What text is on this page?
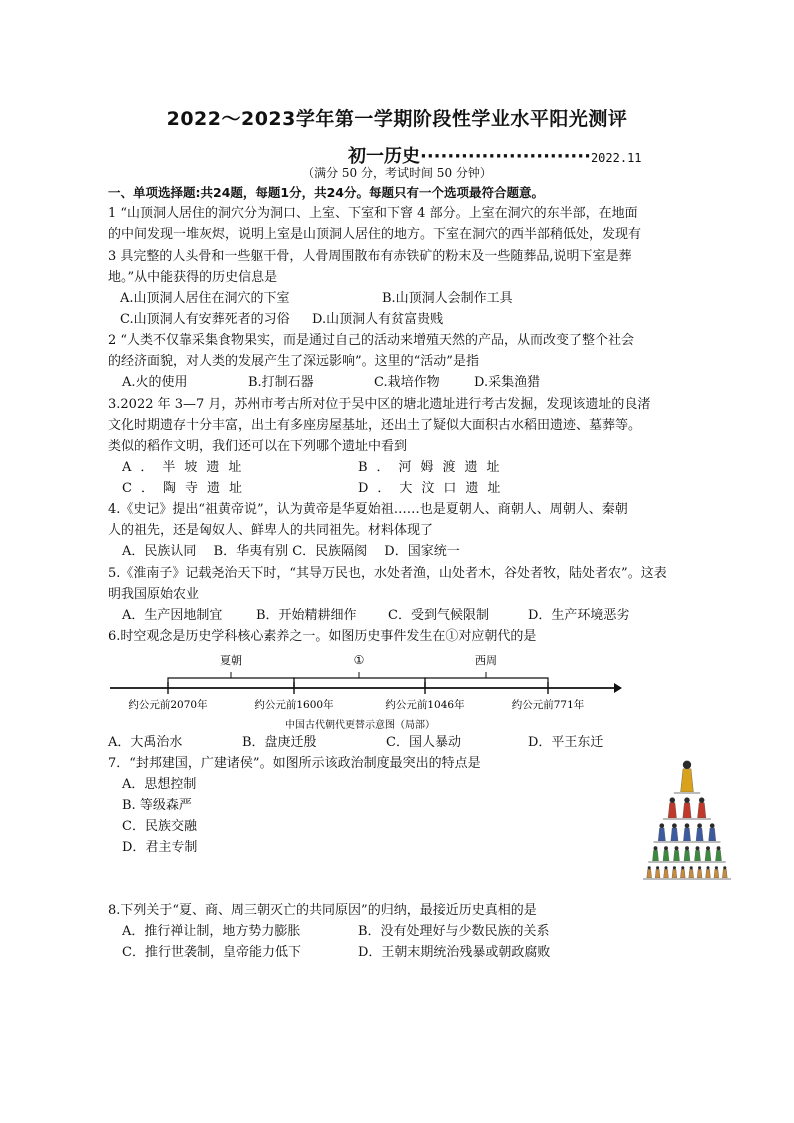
2022～2023学年第一学期阶段性学业水平阳光测评
初一历史·························2022.11
（满分 50 分，考试时间 50 分钟）
一、单项选择题:共24题，每题1分，共24分。每题只有一个选项最符合题意。
1 “山顶洞人居住的洞穴分为洞口、上室、下室和下窨 4 部分。上室在洞穴的东半部，在地面
的中间发现一堆灰烬，说明上室是山顶洞人居住的地方。下室在洞穴的西半部稍低处，发现有
3 具完整的人头骨和一些躯干骨，人骨周围散布有赤铁矿的粉末及一些随葬品,说明下室是葬
地。”从中能获得的历史信息是
A.山顶洞人居住在洞穴的下室	B.山顶洞人会制作工具
C.山顶洞人有安葬死者的习俗 D.山顶洞人有贫富贵贱
2 “人类不仅靠采集食物果实，而是通过自己的活动来增殖天然的产品，从而改变了整个社会
的经济面貌，对人类的发展产生了深远影响”。这里的“活动”是指
A.火的使用	B.打制石器	C.栽培作物	D.采集渔猎
3.2022 年 3—7 月，苏州市考古所对位于吴中区的塘北遗址进行考古发掘，发现该遗址的良渚
文化时期遗存十分丰富，出土有多座房屋基址，还出土了疑似大面积古水稻田遗迹、墓葬等。
类似的稻作文明，我们还可以在下列哪个遗址中看到
A．半坡遗址	B．河姆渡遗址
C．陶寺遗址	D．大汶口遗址
4.《史记》提出“祖黄帝说”，认为黄帝是华夏始祖……也是夏朝人、商朝人、周朝人、秦朝
人的祖先，还是匈奴人、鲜卑人的共同祖先。材料体现了
A．民族认同　 B．华夷有别 C．民族隔阂　 D．国家统一
5.《淮南子》记载尧治天下时，“其导万民也，水处者渔，山处者木，谷处者牧，陆处者农”。这表
明我国原始农业
A．生产因地制宜	B．开始精耕细作 C．受到气候限制	D．生产环境恶劣
6.时空观念是历史学科核心素养之一。如图历史事件发生在①对应朝代的是
夏朝	①	西周
约公元前2070年	约公元前1600年	约公元前1046年	约公元前771年
中国古代朝代更替示意图（局部）
A．大禹治水	B．盘庚迁殷	C．国人暴动	D．平王东迁
7．“封邦建国，广建诸侯”。如图所示该政治制度最突出的特点是
A．思想控制
B. 等级森严
C．民族交融
D．君主专制
8.下列关于“夏、商、周三朝灭亡的共同原因”的归纳，最接近历史真相的是
A．推行禅让制，地方势力膨胀	B．没有处理好与少数民族的关系
C．推行世袭制，皇帝能力低下	D．王朝末期统治残暴或朝政腐败
